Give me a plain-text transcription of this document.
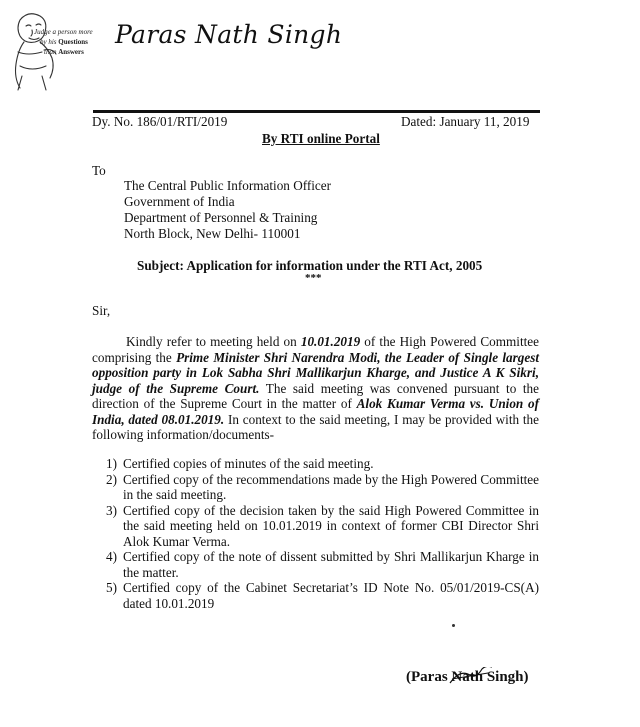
Judge a person more
by his Questions
than Answers
Paras Nath Singh
Dy. No. 186/01/RTI/2019	Dated: January 11, 2019
By RTI online Portal
To
The Central Public Information Officer
Government of India
Department of Personnel & Training
North Block, New Delhi- 110001
Subject: Application for information under the RTI Act, 2005
***
Sir,

Kindly refer to meeting held on 10.01.2019 of the High Powered Committee comprising the Prime Minister Shri Narendra Modi, the Leader of Single largest opposition party in Lok Sabha Shri Mallikarjun Kharge, and Justice A K Sikri, judge of the Supreme Court. The said meeting was convened pursuant to the direction of the Supreme Court in the matter of Alok Kumar Verma vs. Union of India, dated 08.01.2019. In context to the said meeting, I may be provided with the following information/documents-

1) Certified copies of minutes of the said meeting.
2) Certified copy of the recommendations made by the High Powered Committee in the said meeting.
3) Certified copy of the decision taken by the said High Powered Committee in the said meeting held on 10.01.2019 in context of former CBI Director Shri Alok Kumar Verma.
4) Certified copy of the note of dissent submitted by Shri Mallikarjun Kharge in the matter.
5) Certified copy of the Cabinet Secretariat’s ID Note No. 05/01/2019-CS(A) dated 10.01.2019
(Paras Nath Singh)
